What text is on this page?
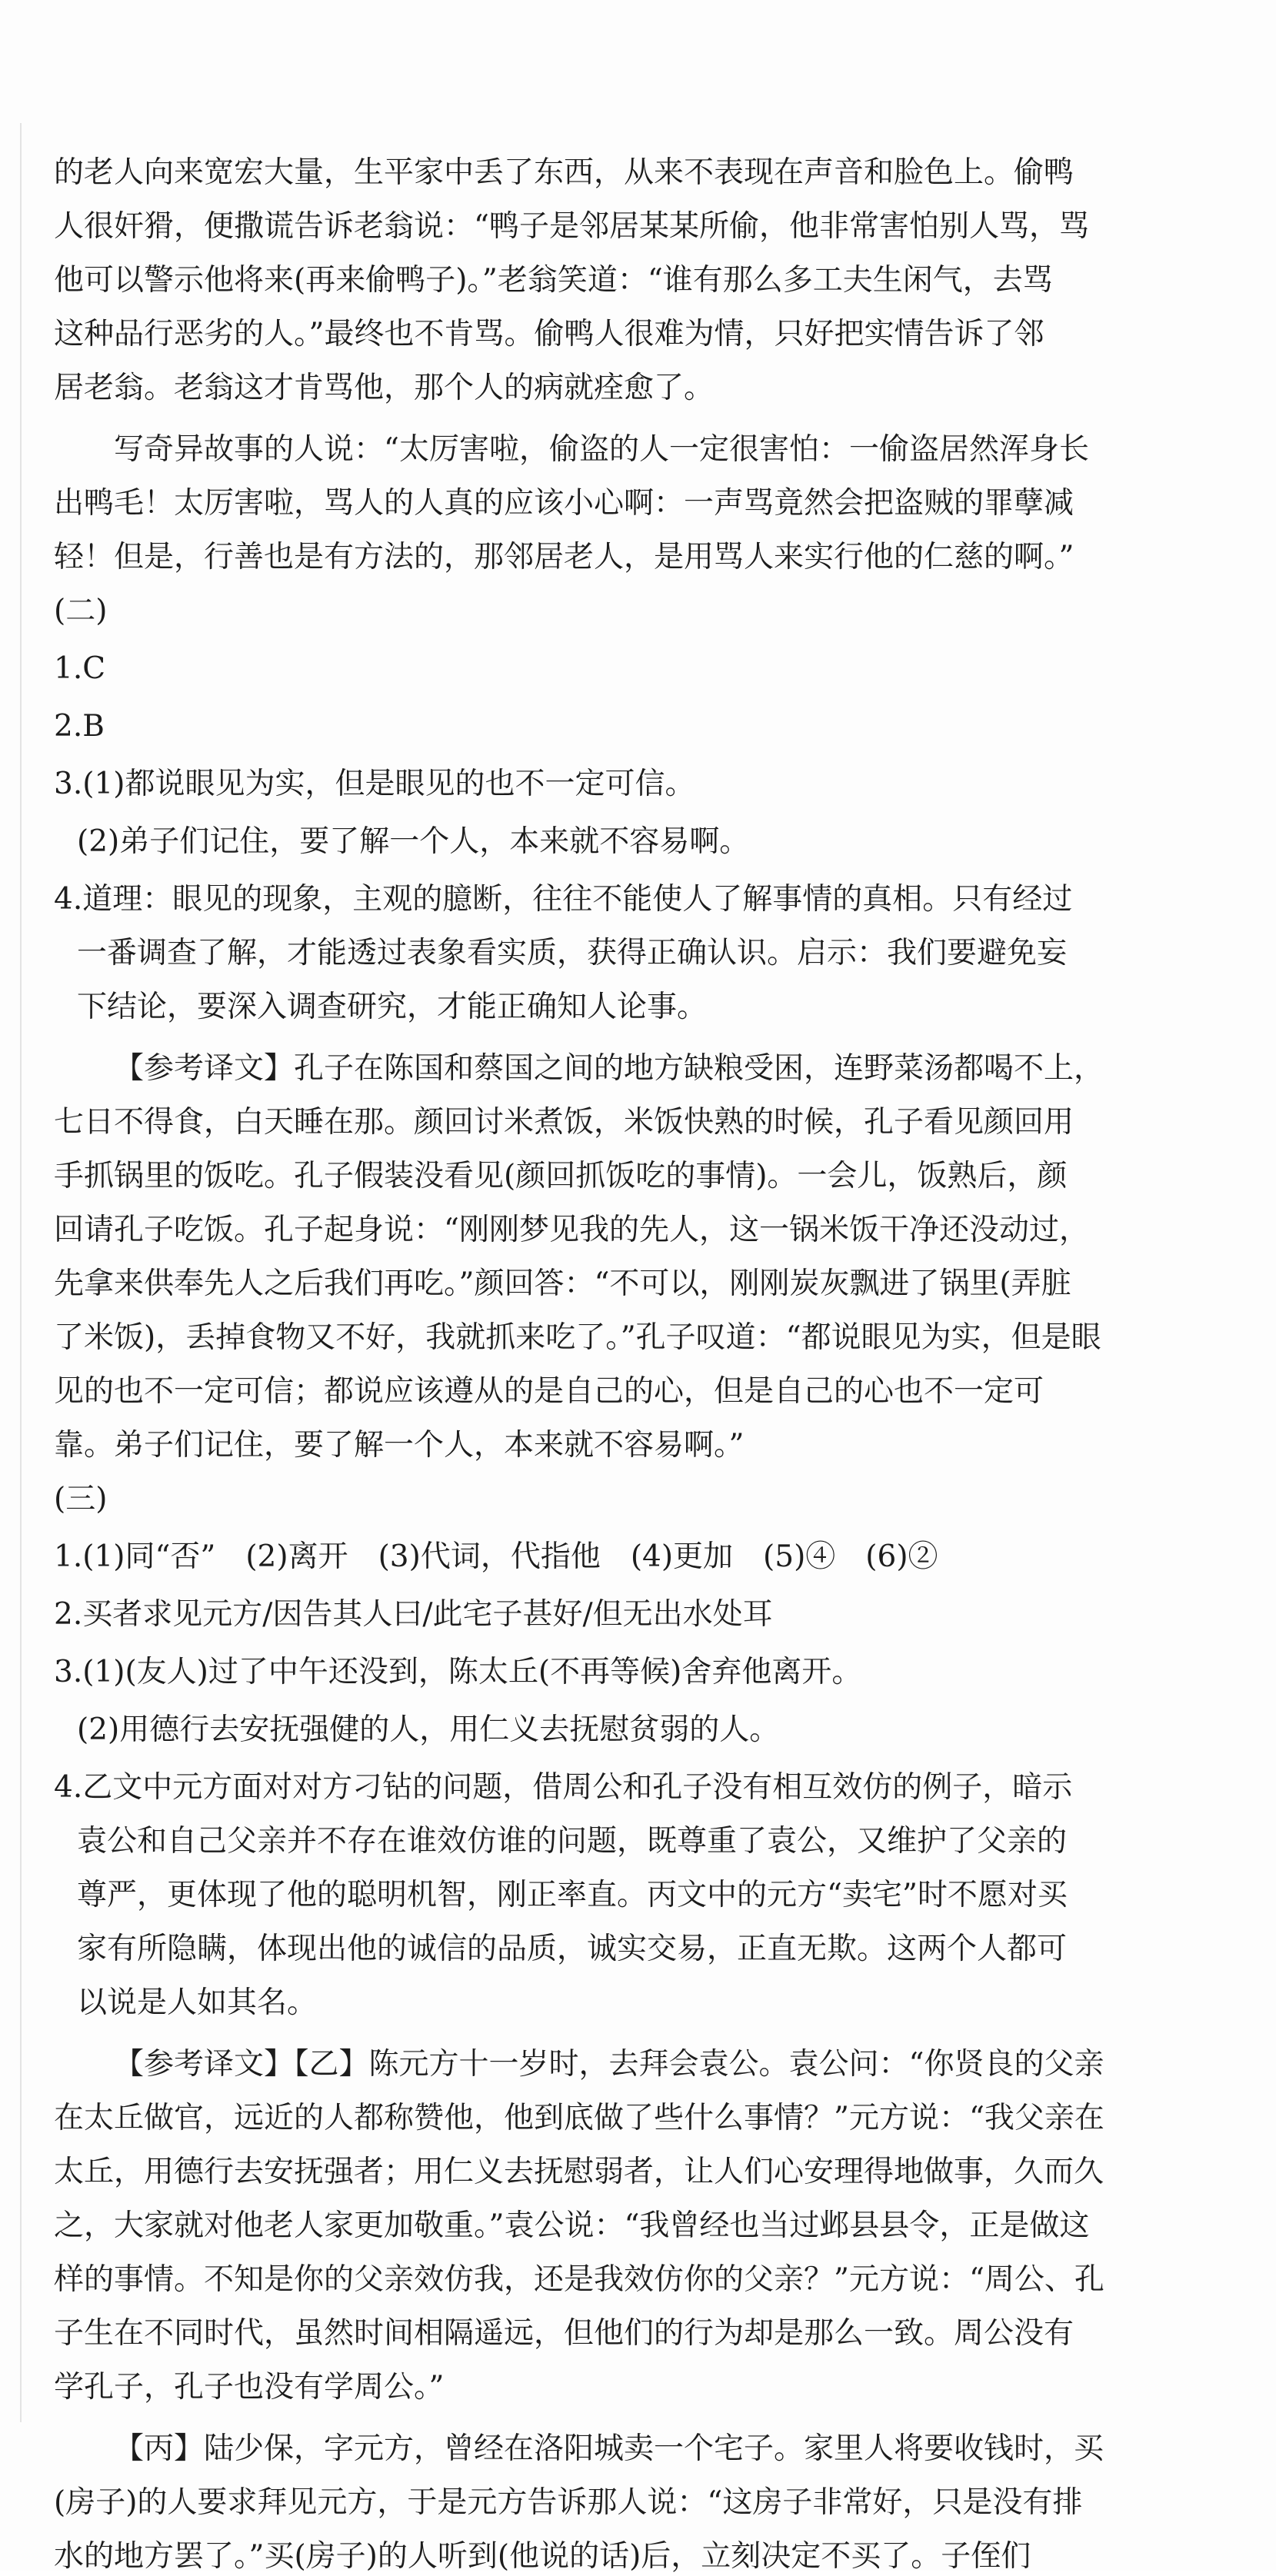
的老人向来宽宏大量，生平家中丢了东西，从来不表现在声音和脸色上。偷鸭
人很奸猾，便撒谎告诉老翁说：“鸭子是邻居某某所偷，他非常害怕别人骂，骂
他可以警示他将来(再来偷鸭子)。”老翁笑道：“谁有那么多工夫生闲气，去骂
这种品行恶劣的人。”最终也不肯骂。偷鸭人很难为情，只好把实情告诉了邻
居老翁。老翁这才肯骂他，那个人的病就痊愈了。
写奇异故事的人说：“太厉害啦，偷盗的人一定很害怕：一偷盗居然浑身长
出鸭毛！太厉害啦，骂人的人真的应该小心啊：一声骂竟然会把盗贼的罪孽减
轻！但是，行善也是有方法的，那邻居老人，是用骂人来实行他的仁慈的啊。”
(二)
1.C
2.B
3.(1)都说眼见为实，但是眼见的也不一定可信。
(2)弟子们记住，要了解一个人，本来就不容易啊。
4.道理：眼见的现象，主观的臆断，往往不能使人了解事情的真相。只有经过
一番调查了解，才能透过表象看实质，获得正确认识。启示：我们要避免妄
下结论，要深入调查研究，才能正确知人论事。
【参考译文】孔子在陈国和蔡国之间的地方缺粮受困，连野菜汤都喝不上，
七日不得食，白天睡在那。颜回讨米煮饭，米饭快熟的时候，孔子看见颜回用
手抓锅里的饭吃。孔子假装没看见(颜回抓饭吃的事情)。一会儿，饭熟后，颜
回请孔子吃饭。孔子起身说：“刚刚梦见我的先人，这一锅米饭干净还没动过，
先拿来供奉先人之后我们再吃。”颜回答：“不可以，刚刚炭灰飘进了锅里(弄脏
了米饭)，丢掉食物又不好，我就抓来吃了。”孔子叹道：“都说眼见为实，但是眼
见的也不一定可信；都说应该遵从的是自己的心，但是自己的心也不一定可
靠。弟子们记住，要了解一个人，本来就不容易啊。”
(三)
1.(1)同“否”　(2)离开　(3)代词，代指他　(4)更加　(5)④　(6)②
2.买者求见元方/因告其人曰/此宅子甚好/但无出水处耳
3.(1)(友人)过了中午还没到，陈太丘(不再等候)舍弃他离开。
(2)用德行去安抚强健的人，用仁义去抚慰贫弱的人。
4.乙文中元方面对对方刁钻的问题，借周公和孔子没有相互效仿的例子，暗示
袁公和自己父亲并不存在谁效仿谁的问题，既尊重了袁公，又维护了父亲的
尊严，更体现了他的聪明机智，刚正率直。丙文中的元方“卖宅”时不愿对买
家有所隐瞒，体现出他的诚信的品质，诚实交易，正直无欺。这两个人都可
以说是人如其名。
【参考译文】【乙】陈元方十一岁时，去拜会袁公。袁公问：“你贤良的父亲
在太丘做官，远近的人都称赞他，他到底做了些什么事情？”元方说：“我父亲在
太丘，用德行去安抚强者；用仁义去抚慰弱者，让人们心安理得地做事，久而久
之，大家就对他老人家更加敬重。”袁公说：“我曾经也当过邺县县令，正是做这
样的事情。不知是你的父亲效仿我，还是我效仿你的父亲？”元方说：“周公、孔
子生在不同时代，虽然时间相隔遥远，但他们的行为却是那么一致。周公没有
学孔子，孔子也没有学周公。”
【丙】陆少保，字元方，曾经在洛阳城卖一个宅子。家里人将要收钱时，买
(房子)的人要求拜见元方，于是元方告诉那人说：“这房子非常好，只是没有排
水的地方罢了。”买(房子)的人听到(他说的话)后，立刻决定不买了。子侄们
